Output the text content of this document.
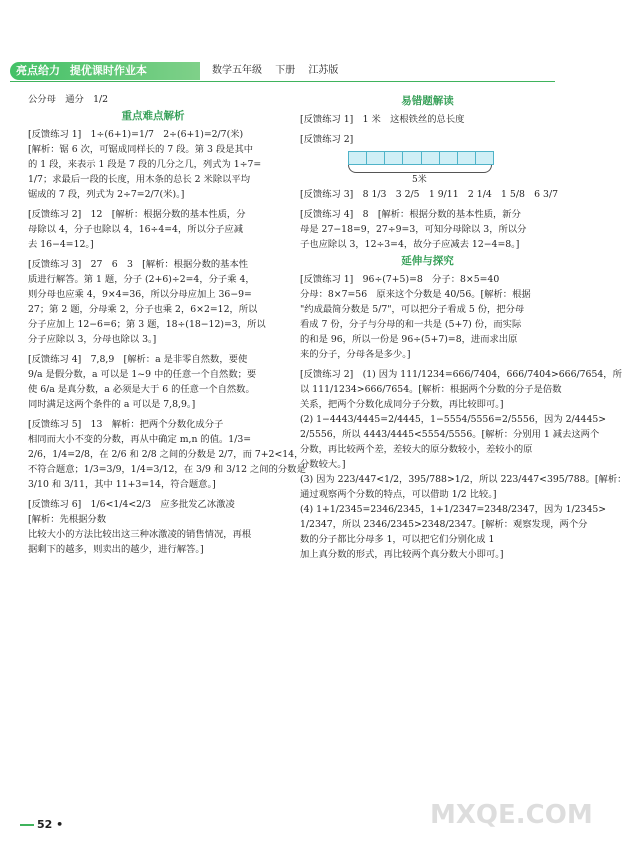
亮点给力 提优课时作业本	数学五年级 下册 江苏版
公分母　通分　1/2
重点难点解析
[反馈练习 1]　1÷(6+1)=1/7　2÷(6+1)=2/7(米)
[解析：锯 6 次，可锯成同样长的 7 段。第 3 段是其中
的 1 段，来表示 1 段是 7 段的几分之几，列式为 1÷7=
1/7；求最后一段的长度，用木条的总长 2 米除以平均
锯成的 7 段，列式为 2÷7=2/7(米)。]
[反馈练习 2]　12　[解析：根据分数的基本性质，分
母除以 4，分子也除以 4，16÷4=4，所以分子应减
去 16−4=12。]
[反馈练习 3]　27　6　3　[解析：根据分数的基本性
质进行解答。第 1 题，分子 (2+6)÷2=4，分子乘 4，
则分母也应乘 4，9×4=36，所以分母应加上 36−9=
27；第 2 题，分母乘 2，分子也乘 2，6×2=12，所以
分子应加上 12−6=6；第 3 题，18÷(18−12)=3，所以
分子应除以 3，分母也除以 3。]
[反馈练习 4]　7,8,9　[解析：a 是非零自然数，要使
9/a 是假分数，a 可以是 1~9 中的任意一个自然数；要
使 6/a 是真分数，a 必须是大于 6 的任意一个自然数。
同时满足这两个条件的 a 可以是 7,8,9。]
[反馈练习 5]　13　解析：把两个分数化成分子
相同而大小不变的分数，再从中确定 m,n 的值。1/3=
2/6，1/4=2/8，在 2/6 和 2/8 之间的分数是 2/7，而 7+2<14，
不符合题意；1/3=3/9，1/4=3/12，在 3/9 和 3/12 之间的分数是
3/10 和 3/11，其中 11+3=14，符合题意。]
[反馈练习 6]　1/6<1/4<2/3　应多批发乙冰激凌
[解析：先根据分数
比较大小的方法比较出这三种冰激凌的销售情况，再根
据剩下的越多，则卖出的越少，进行解答。]
易错题解读
[反馈练习 1]　1 米　这根铁丝的总长度
[反馈练习 2]
5米
[反馈练习 3]　8 1/3　3 2/5　1 9/11　2 1/4　1 5/8　6 3/7
[反馈练习 4]　8　[解析：根据分数的基本性质，新分
母是 27−18=9，27÷9=3，可知分母除以 3，所以分
子也应除以 3，12÷3=4，故分子应减去 12−4=8。]
延伸与探究
[反馈练习 1]　96÷(7+5)=8　分子：8×5=40
分母：8×7=56　原来这个分数是 40/56。[解析：根据
"约成最简分数是 5/7"，可以把分子看成 5 份，把分母
看成 7 份，分子与分母的和一共是 (5+7) 份，而实际
的和是 96，所以一份是 96÷(5+7)=8，进而求出原
来的分子，分母各是多少。]
[反馈练习 2]　(1) 因为 111/1234=666/7404，666/7404>666/7654，所
以 111/1234>666/7654。[解析：根据两个分数的分子是倍数
关系，把两个分数化成同分子分数，再比较即可。]
(2) 1−4443/4445=2/4445，1−5554/5556=2/5556，因为 2/4445>
2/5556，所以 4443/4445<5554/5556。[解析：分别用 1 减去这两个
分数，再比较两个差，差较大的原分数较小，差较小的原
分数较大。]
(3) 因为 223/447<1/2，395/788>1/2，所以 223/447<395/788。[解析：
通过观察两个分数的特点，可以借助 1/2 比较。]
(4) 1+1/2345=2346/2345，1+1/2347=2348/2347，因为 1/2345>
1/2347，所以 2346/2345>2348/2347。[解析：观察发现，两个分
数的分子都比分母多 1，可以把它们分别化成 1
加上真分数的形式，再比较两个真分数大小即可。]
52 •	MXQE.COM
